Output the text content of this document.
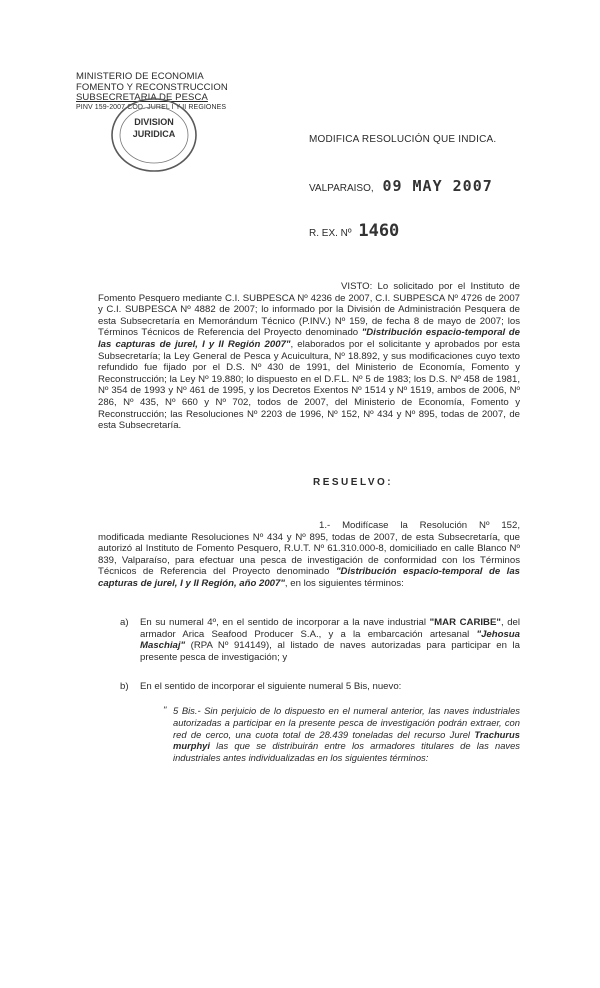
MINISTERIO DE ECONOMIA
FOMENTO Y RECONSTRUCCION
SUBSECRETARIA DE PESCA
PINV 159-2007 COD. JUREL I Y II REGIONES
DIVISION
JURIDICA	MODIFICA RESOLUCIÓN QUE INDICA.
VALPARAISO, 09 MAY 2007
R. EX. Nº 1460
VISTO: Lo solicitado por el Instituto de Fomento Pesquero mediante C.I. SUBPESCA Nº 4236 de 2007, C.I. SUBPESCA Nº 4726 de 2007 y C.I. SUBPESCA Nº 4882 de 2007; lo informado por la División de Administración Pesquera de esta Subsecretaría en Memorándum Técnico (P.INV.) Nº 159, de fecha 8 de mayo de 2007; los Términos Técnicos de Referencia del Proyecto denominado "Distribución espacio-temporal de las capturas de jurel, I y II Región 2007", elaborados por el solicitante y aprobados por esta Subsecretaría; la Ley General de Pesca y Acuicultura, Nº 18.892, y sus modificaciones cuyo texto refundido fue fijado por el D.S. Nº 430 de 1991, del Ministerio de Economía, Fomento y Reconstrucción; la Ley Nº 19.880; lo dispuesto en el D.F.L. Nº 5 de 1983; los D.S. Nº 458 de 1981, Nº 354 de 1993 y Nº 461 de 1995, y los Decretos Exentos Nº 1514 y Nº 1519, ambos de 2006, Nº 286, Nº 435, Nº 660 y Nº 702, todos de 2007, del Ministerio de Economía, Fomento y Reconstrucción; las Resoluciones Nº 2203 de 1996, Nº 152, Nº 434 y Nº 895, todas de 2007, de esta Subsecretaría.
RESUELVO:
1.- Modifícase la Resolución Nº 152, modificada mediante Resoluciones Nº 434 y Nº 895, todas de 2007, de esta Subsecretaría, que autorizó al Instituto de Fomento Pesquero, R.U.T. Nº 61.310.000-8, domiciliado en calle Blanco Nº 839, Valparaíso, para efectuar una pesca de investigación de conformidad con los Términos Técnicos de Referencia del Proyecto denominado "Distribución espacio-temporal de las capturas de jurel, I y II Región, año 2007", en los siguientes términos:
a) En su numeral 4º, en el sentido de incorporar a la nave industrial "MAR CARIBE", del armador Arica Seafood Producer S.A., y a la embarcación artesanal "Jehosua Maschiaj" (RPA Nº 914149), al listado de naves autorizadas para participar en la presente pesca de investigación; y
b) En el sentido de incorporar el siguiente numeral 5 Bis, nuevo:
" 5 Bis.- Sin perjuicio de lo dispuesto en el numeral anterior, las naves industriales autorizadas a participar en la presente pesca de investigación podrán extraer, con red de cerco, una cuota total de 28.439 toneladas del recurso Jurel Trachurus murphyi las que se distribuirán entre los armadores titulares de las naves industriales antes individualizadas en los siguientes términos:
